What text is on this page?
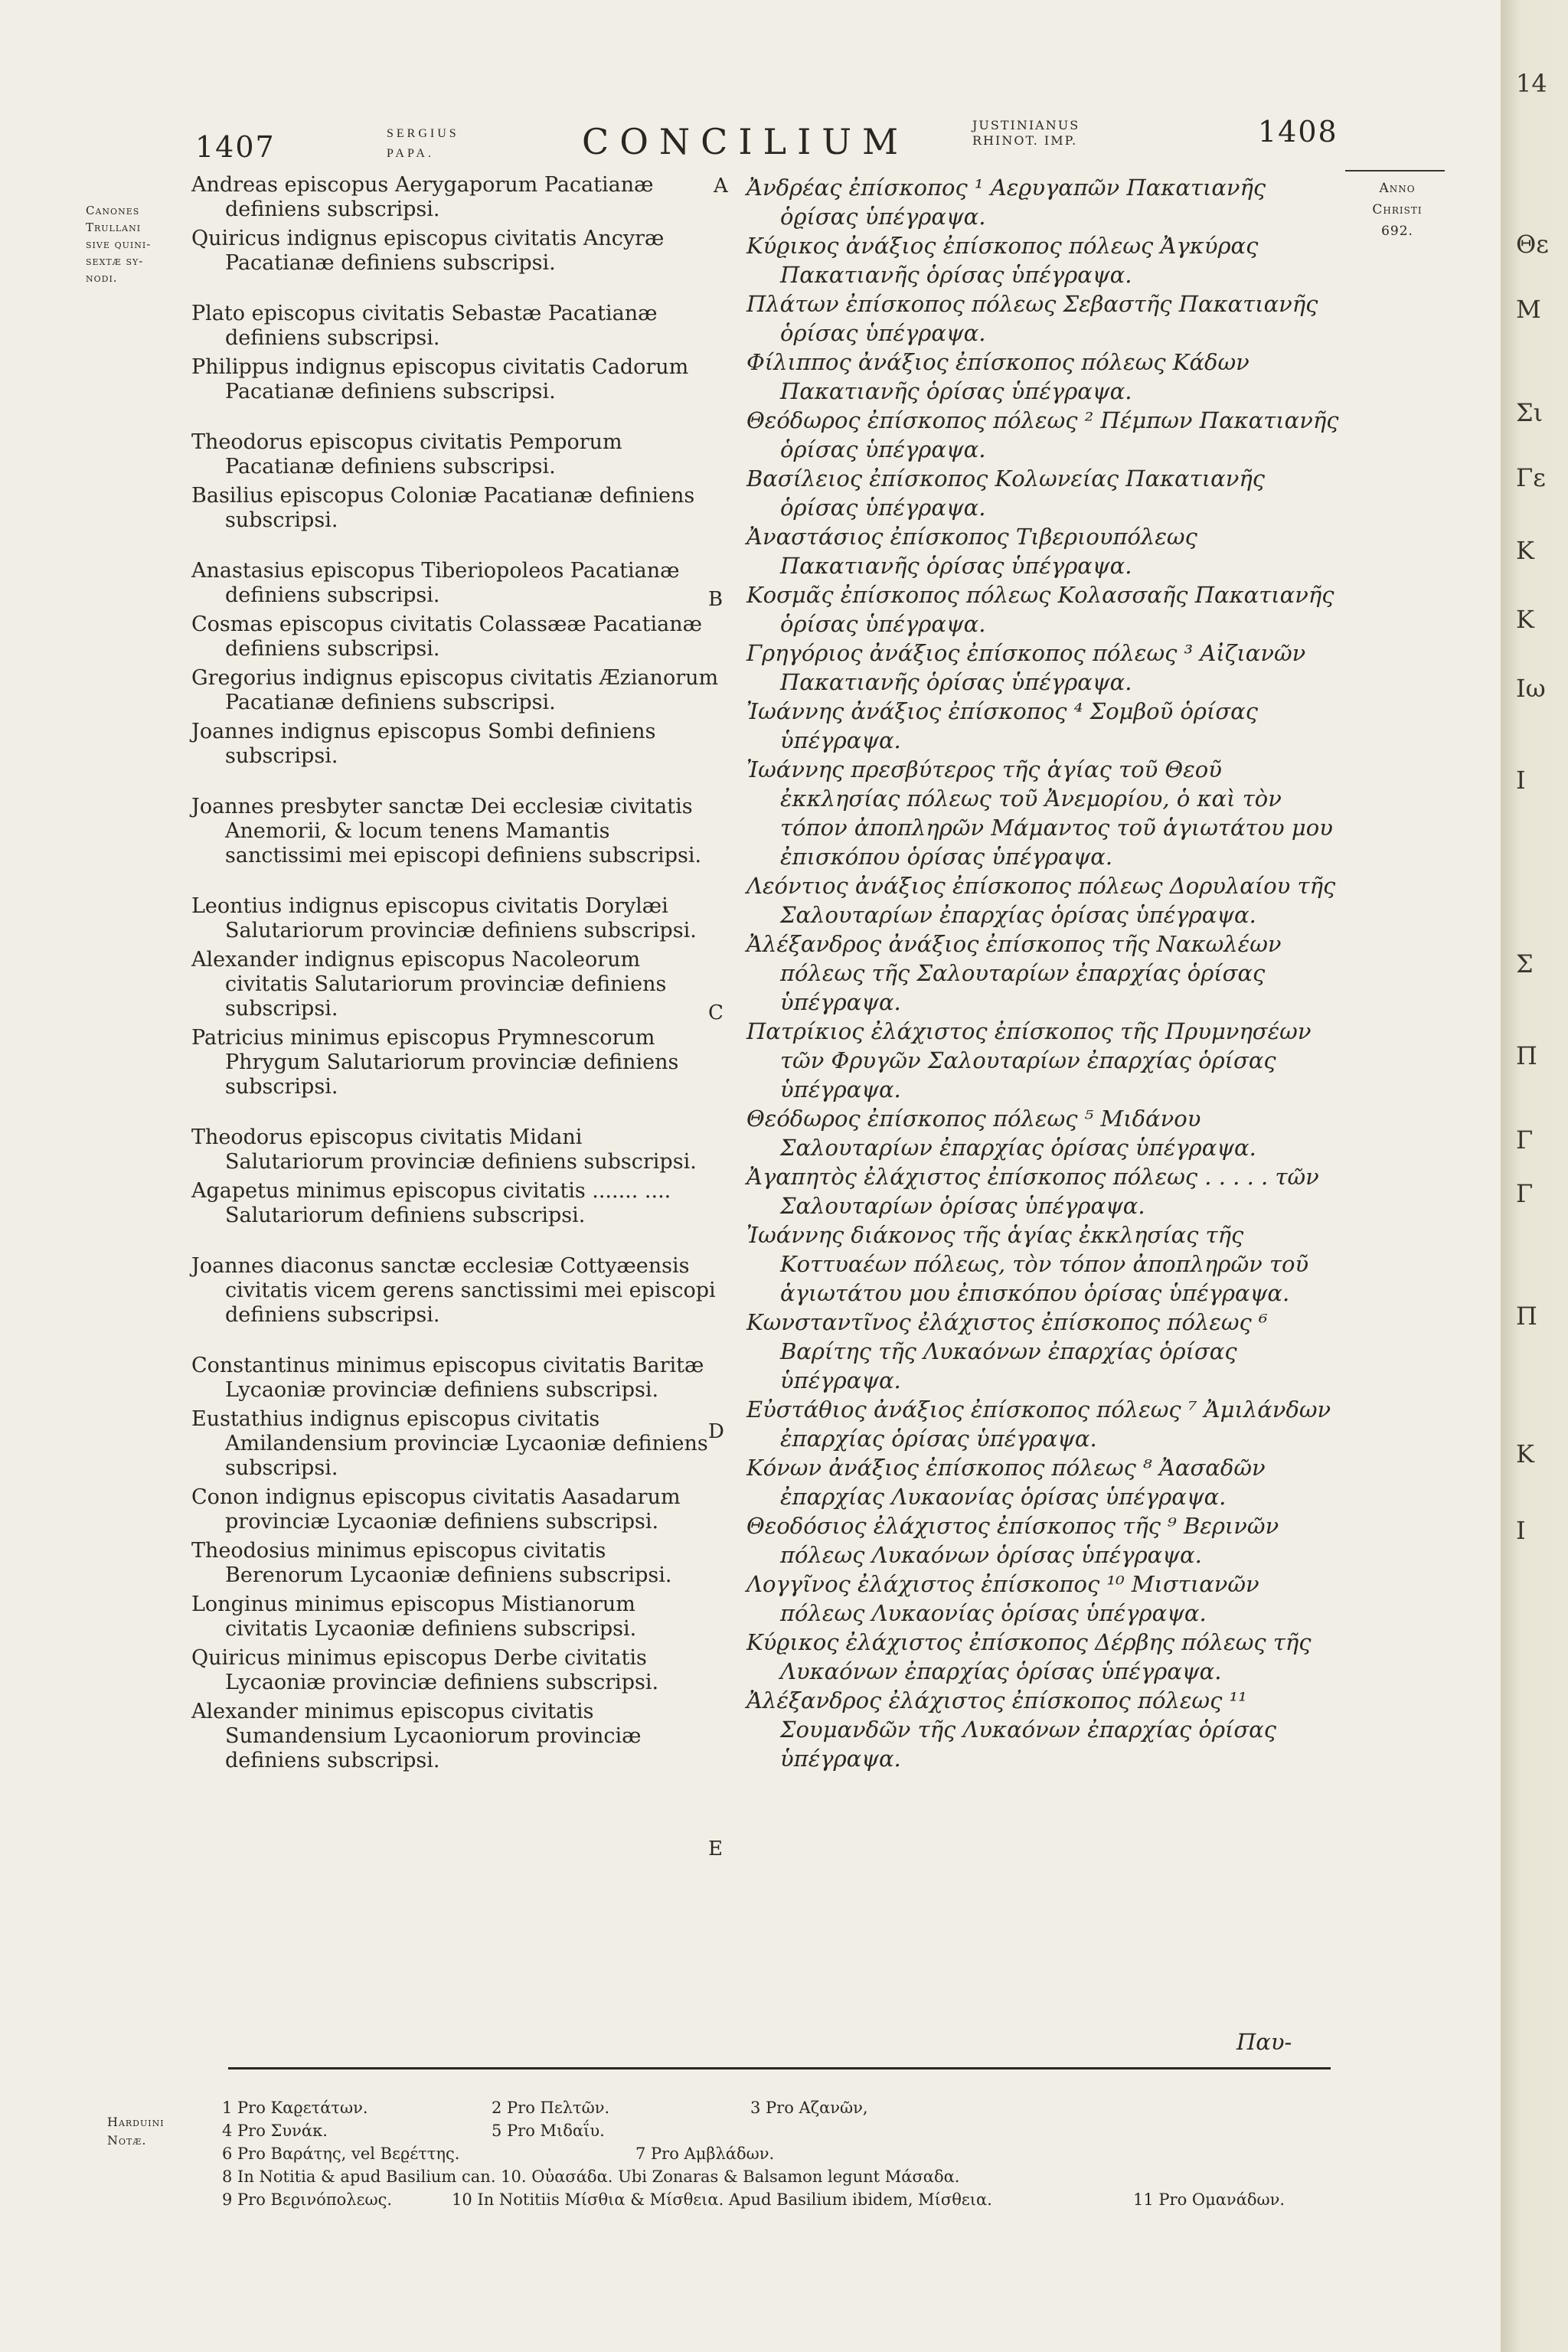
1407	SERGIUS
PAPA.	CONCILIUM	JUSTINIANUS
RHINOT. IMP.	1408
Canones
Trullani
sive quini-
sextæ sy-
nodi.
Anno
Christi
692.
Andreas episcopus Aerygaporum Pacatianæ definiens subscripsi.
Quiricus indignus episcopus civitatis Ancyræ Pacatianæ definiens subscripsi.
Plato episcopus civitatis Sebastæ Pacatianæ definiens subscripsi.
Philippus indignus episcopus civitatis Cadorum Pacatianæ definiens subscripsi.
Theodorus episcopus civitatis Pemporum Pacatianæ definiens subscripsi.
Basilius episcopus Coloniæ Pacatianæ definiens subscripsi.
Anastasius episcopus Tiberiopoleos Pacatianæ definiens subscripsi.
Cosmas episcopus civitatis Colassææ Pacatianæ definiens subscripsi.
Gregorius indignus episcopus civitatis Æzianorum Pacatianæ definiens subscripsi.
Joannes indignus episcopus Sombi definiens subscripsi.
Joannes presbyter sanctæ Dei ecclesiæ civitatis Anemorii, & locum tenens Mamantis sanctissimi mei episcopi definiens subscripsi.
Leontius indignus episcopus civitatis Dorylæi Salutariorum provinciæ definiens subscripsi.
Alexander indignus episcopus Nacoleorum civitatis Salutariorum provinciæ definiens subscripsi.
Patricius minimus episcopus Prymnescorum Phrygum Salutariorum provinciæ definiens subscripsi.
Theodorus episcopus civitatis Midani Salutariorum provinciæ definiens subscripsi.
Agapetus minimus episcopus civitatis ....... .... Salutariorum definiens subscripsi.
Joannes diaconus sanctæ ecclesiæ Cottyæensis civitatis vicem gerens sanctissimi mei episcopi definiens subscripsi.
Constantinus minimus episcopus civitatis Baritæ Lycaoniæ provinciæ definiens subscripsi.
Eustathius indignus episcopus civitatis Amilandensium provinciæ Lycaoniæ definiens subscripsi.
Conon indignus episcopus civitatis Aasadarum provinciæ Lycaoniæ definiens subscripsi.
Theodosius minimus episcopus civitatis Berenorum Lycaoniæ definiens subscripsi.
Longinus minimus episcopus Mistianorum civitatis Lycaoniæ definiens subscripsi.
Quiricus minimus episcopus Derbe civitatis Lycaoniæ provinciæ definiens subscripsi.
Alexander minimus episcopus civitatis Sumandensium Lycaoniorum provinciæ definiens subscripsi.
Ἀνδρέας ἐπίσκοπος ¹ Αεϱυγαπῶν Πακατιανῆς ὁϱίσας ὑπέγραψα.
Κύϱικος ἀνάξιος ἐπίσκοπος πόλεως Ἀγκύρας Πακατιανῆς ὁρίσας ὑπέγραψα.
Πλάτων ἐπίσκοπος πόλεως Σεβαστῆς Πακατιανῆς ὁρίσας ὑπέγραψα.
Φίλιππος ἀνάξιος ἐπίσκοπος πόλεως Κάδων Πακατιανῆς ὁρίσας ὑπέγραψα.
Θεόδωρος ἐπίσκοπος πόλεως ² Πέμπων Πακατιανῆς ὁρίσας ὑπέγραψα.
Βασίλειος ἐπίσκοπος Κολωνείας Πακατιανῆς ὁρίσας ὑπέγραψα.
Ἀναστάσιος ἐπίσκοπος Τιβεριουπόλεως Πακατιανῆς ὁρίσας ὑπέγραψα.
Κοσμᾶς ἐπίσκοπος πόλεως Κολασσαῆς Πακατιανῆς ὁρίσας ὑπέγραψα.
Γρηγόριος ἀνάξιος ἐπίσκοπος πόλεως ³ Αἰζιανῶν Πακατιανῆς ὁρίσας ὑπέγραψα.
Ἰωάννης ἀνάξιος ἐπίσκοπος ⁴ Σομβοῦ ὁρίσας ὑπέγραψα.
Ἰωάννης πρεσβύτερος τῆς ἁγίας τοῦ Θεοῦ ἐκκλησίας πόλεως τοῦ Ἀνεμορίου, ὁ καὶ τὸν τόπον ἀποπληρῶν Μάμαντος τοῦ ἁγιωτάτου μου ἐπισκόπου ὁρίσας ὑπέγραψα.
Λεόντιος ἀνάξιος ἐπίσκοπος πόλεως Δορυλαίου τῆς Σαλουταρίων ἐπαρχίας ὁρίσας ὑπέγραψα.
Ἀλέξανδρος ἀνάξιος ἐπίσκοπος τῆς Νακωλέων πόλεως τῆς Σαλουταρίων ἐπαρχίας ὁρίσας ὑπέγραψα.
Πατρίκιος ἐλάχιστος ἐπίσκοπος τῆς Πρυμνησέων τῶν Φρυγῶν Σαλουταρίων ἐπαρχίας ὁρίσας ὑπέγραψα.
Θεόδωρος ἐπίσκοπος πόλεως ⁵ Μιδάνου Σαλουταρίων ἐπαρχίας ὁρίσας ὑπέγραψα.
Ἀγαπητὸς ἐλάχιστος ἐπίσκοπος πόλεως . . . . . τῶν Σαλουταρίων ὁρίσας ὑπέγραψα.
Ἰωάννης διάκονος τῆς ἁγίας ἐκκλησίας τῆς Κοττυαέων πόλεως, τὸν τόπον ἀποπληρῶν τοῦ ἁγιωτάτου μου ἐπισκόπου ὁρίσας ὑπέγραψα.
Κωνσταντῖνος ἐλάχιστος ἐπίσκοπος πόλεως ⁶ Βαρίτης τῆς Λυκαόνων ἐπαρχίας ὁρίσας ὑπέγραψα.
Εὐστάθιος ἀνάξιος ἐπίσκοπος πόλεως ⁷ Ἀμιλάνδων ἐπαρχίας ὁρίσας ὑπέγραψα.
Κόνων ἀνάξιος ἐπίσκοπος πόλεως ⁸ Ἀασαδῶν ἐπαρχίας Λυκαονίας ὁρίσας ὑπέγραψα.
Θεοδόσιος ἐλάχιστος ἐπίσκοπος τῆς ⁹ Βερινῶν πόλεως Λυκαόνων ὁρίσας ὑπέγραψα.
Λογγῖνος ἐλάχιστος ἐπίσκοπος ¹⁰ Μιστιανῶν πόλεως Λυκαονίας ὁρίσας ὑπέγραψα.
Κύϱικος ἐλάχιστος ἐπίσκοπος Δέρβης πόλεως τῆς Λυκαόνων ἐπαρχίας ὁρίσας ὑπέγραψα.
Ἀλέξανδρος ἐλάχιστος ἐπίσκοπος πόλεως ¹¹ Σουμανδῶν τῆς Λυκαόνων ἐπαρχίας ὁρίσας ὑπέγραψα.
A
B
C
D
E
Παυ-
Harduini
Notæ.
1 Pro Καϱετάτων.	2 Pro Πελτῶν.	3 Pro Αζανῶν,
4 Pro Συνάκ.	5 Pro Μιδαΐυ.
6 Pro Βαράτης, vel Βεϱέττης.	7 Pro Αμβλάδων.
8 In Notitia & apud Basilium can. 10. Οὐασάδα. Ubi Zonaras & Balsamon legunt Μάσαδα.
9 Pro Βεϱινόπολεως.	10 In Notitiis Μίσθια & Μίσθεια. Apud Basilium ibidem, Μίσθεια.	11 Pro Ομανάδων.
14
Θε
Μ
Σι
Γε
Κ
Κ
Ιω
Ι
Σ
Π
Γ
Γ
Π
Κ
Ι
